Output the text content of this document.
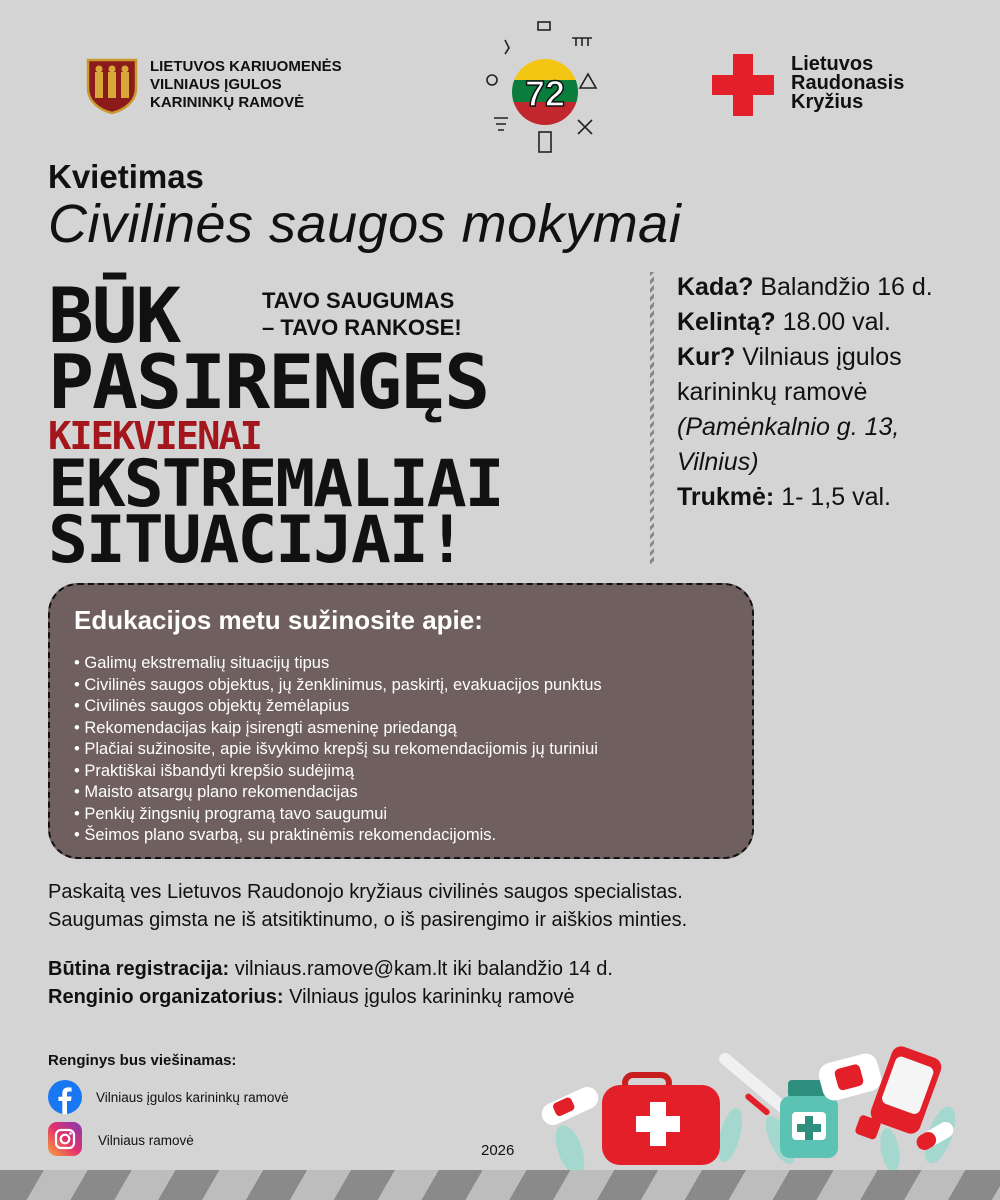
LIETUVOS KARIUOMENĖS
VILNIAUS ĮGULOS
KARININKŲ RAMOVĖ	72
Lietuvos
Raudonasis
Kryžius
Kvietimas
Civilinės saugos mokymai
BŪK	TAVO SAUGUMAS
– TAVO RANKOSE!
PASIRENGĘS
KIEKVIENAI
EKSTREMALIAI
SITUACIJAI!
Kada? Balandžio 16 d.
Kelintą? 18.00 val.
Kur? Vilniaus įgulos karininkų ramovė
(Pamėnkalnio g. 13, Vilnius)
Trukmė: 1- 1,5 val.
Edukacijos metu sužinosite apie:
• Galimų ekstremalių situacijų tipus
• Civilinės saugos objektus, jų ženklinimus, paskirtį, evakuacijos punktus
• Civilinės saugos objektų žemėlapius
• Rekomendacijas kaip įsirengti asmeninę priedangą
• Plačiai sužinosite, apie išvykimo krepšį su rekomendacijomis jų turiniui
• Praktiškai išbandyti krepšio sudėjimą
• Maisto atsargų plano rekomendacijas
• Penkių žingsnių programą tavo saugumui
• Šeimos plano svarbą, su praktinėmis rekomendacijomis.
Paskaitą ves Lietuvos Raudonojo kryžiaus civilinės saugos specialistas.
Saugumas gimsta ne iš atsitiktinumo, o iš pasirengimo ir aiškios minties.
Būtina registracija: vilniaus.ramove@kam.lt iki balandžio 14 d.
Renginio organizatorius: Vilniaus įgulos karininkų ramovė
Renginys bus viešinamas:
Vilniaus įgulos karininkų ramovė
Vilniaus ramovė
2026
